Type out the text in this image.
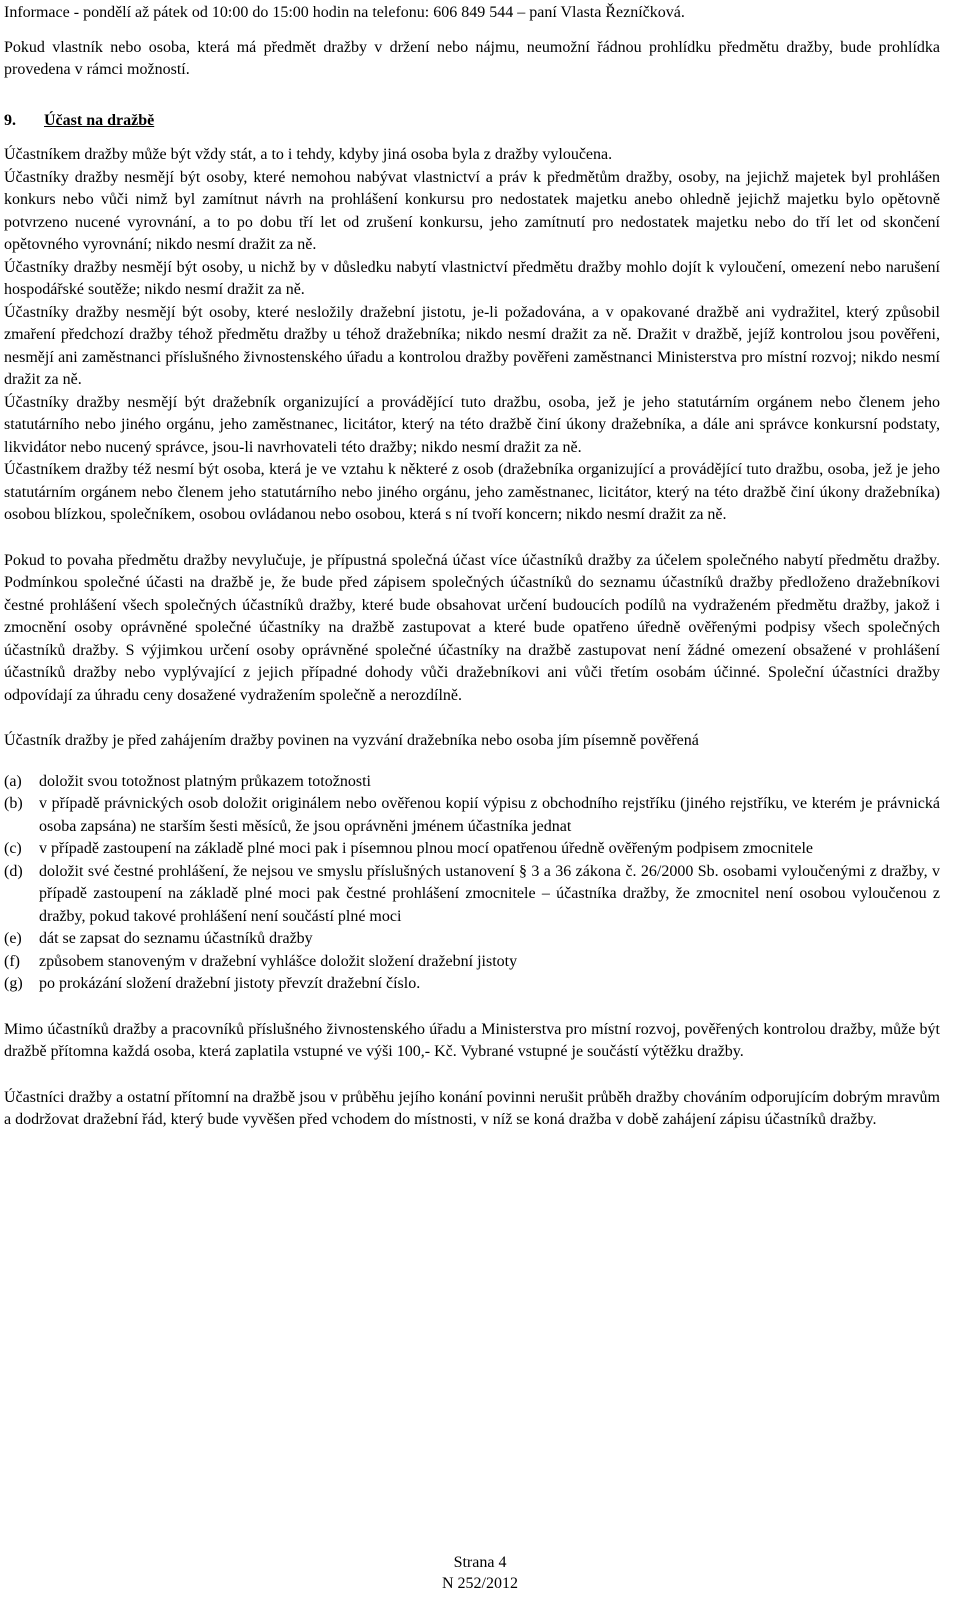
Informace - pondělí až pátek od 10:00 do 15:00 hodin na telefonu: 606 849 544 – paní Vlasta Řezníčková.

Pokud vlastník nebo osoba, která má předmět dražby v držení nebo nájmu, neumožní řádnou prohlídku předmětu dražby, bude prohlídka provedena v rámci možností.

9. Účast na dražbě

Účastníkem dražby může být vždy stát, a to i tehdy, kdyby jiná osoba byla z dražby vyloučena.

Účastníky dražby nesmějí být osoby, které nemohou nabývat vlastnictví a práv k předmětům dražby, osoby, na jejichž majetek byl prohlášen konkurs nebo vůči nimž byl zamítnut návrh na prohlášení konkursu pro nedostatek majetku anebo ohledně jejichž majetku bylo opětovně potvrzeno nucené vyrovnání, a to po dobu tří let od zrušení konkursu, jeho zamítnutí pro nedostatek majetku nebo do tří let od skončení opětovného vyrovnání; nikdo nesmí dražit za ně.

Účastníky dražby nesmějí být osoby, u nichž by v důsledku nabytí vlastnictví předmětu dražby mohlo dojít k vyloučení, omezení nebo narušení hospodářské soutěže; nikdo nesmí dražit za ně.

Účastníky dražby nesmějí být osoby, které nesložily dražební jistotu, je-li požadována, a v opakované dražbě ani vydražitel, který způsobil zmaření předchozí dražby téhož předmětu dražby u téhož dražebníka; nikdo nesmí dražit za ně. Dražit v dražbě, jejíž kontrolou jsou pověřeni, nesmějí ani zaměstnanci příslušného živnostenského úřadu a kontrolou dražby pověřeni zaměstnanci Ministerstva pro místní rozvoj; nikdo nesmí dražit za ně.

Účastníky dražby nesmějí být dražebník organizující a provádějící tuto dražbu, osoba, jež je jeho statutárním orgánem nebo členem jeho statutárního nebo jiného orgánu, jeho zaměstnanec, licitátor, který na této dražbě činí úkony dražebníka, a dále ani správce konkursní podstaty, likvidátor nebo nucený správce, jsou-li navrhovateli této dražby; nikdo nesmí dražit za ně.

Účastníkem dražby též nesmí být osoba, která je ve vztahu k některé z osob (dražebníka organizující a provádějící tuto dražbu, osoba, jež je jeho statutárním orgánem nebo členem jeho statutárního nebo jiného orgánu, jeho zaměstnanec, licitátor, který na této dražbě činí úkony dražebníka) osobou blízkou, společníkem, osobou ovládanou nebo osobou, která s ní tvoří koncern; nikdo nesmí dražit za ně.

Pokud to povaha předmětu dražby nevylučuje, je přípustná společná účast více účastníků dražby za účelem společného nabytí předmětu dražby. Podmínkou společné účasti na dražbě je, že bude před zápisem společných účastníků do seznamu účastníků dražby předloženo dražebníkovi čestné prohlášení všech společných účastníků dražby, které bude obsahovat určení budoucích podílů na vydraženém předmětu dražby, jakož i zmocnění osoby oprávněné společné účastníky na dražbě zastupovat a které bude opatřeno úředně ověřenými podpisy všech společných účastníků dražby. S výjimkou určení osoby oprávněné společné účastníky na dražbě zastupovat není žádné omezení obsažené v prohlášení účastníků dražby nebo vyplývající z jejich případné dohody vůči dražebníkovi ani vůči třetím osobám účinné. Společní účastníci dražby odpovídají za úhradu ceny dosažené vydražením společně a nerozdílně.

Účastník dražby je před zahájením dražby povinen na vyzvání dražebníka nebo osoba jím písemně pověřená

(a)	doložit svou totožnost platným průkazem totožnosti
(b)	v případě právnických osob doložit originálem nebo ověřenou kopií výpisu z obchodního rejstříku (jiného rejstříku, ve kterém je právnická osoba zapsána) ne starším šesti měsíců, že jsou oprávněni jménem účastníka jednat
(c)	v případě zastoupení na základě plné moci pak i písemnou plnou mocí opatřenou úředně ověřeným podpisem zmocnitele
(d)	doložit své čestné prohlášení, že nejsou ve smyslu příslušných ustanovení § 3 a 36 zákona č. 26/2000 Sb. osobami vyloučenými z dražby, v případě zastoupení na základě plné moci pak čestné prohlášení zmocnitele – účastníka dražby, že zmocnitel není osobou vyloučenou z dražby, pokud takové prohlášení není součástí plné moci
(e)	dát se zapsat do seznamu účastníků dražby
(f)	způsobem stanoveným v dražební vyhlášce doložit složení dražební jistoty
(g)	po prokázání složení dražební jistoty převzít dražební číslo.

Mimo účastníků dražby a pracovníků příslušného živnostenského úřadu a Ministerstva pro místní rozvoj, pověřených kontrolou dražby, může být dražbě přítomna každá osoba, která zaplatila vstupné ve výši 100,- Kč. Vybrané vstupné je součástí výtěžku dražby.

Účastníci dražby a ostatní přítomní na dražbě jsou v průběhu jejího konání povinni nerušit průběh dražby chováním odporujícím dobrým mravům a dodržovat dražební řád, který bude vyvěšen před vchodem do místnosti, v níž se koná dražba v době zahájení zápisu účastníků dražby.

Strana 4
N 252/2012
